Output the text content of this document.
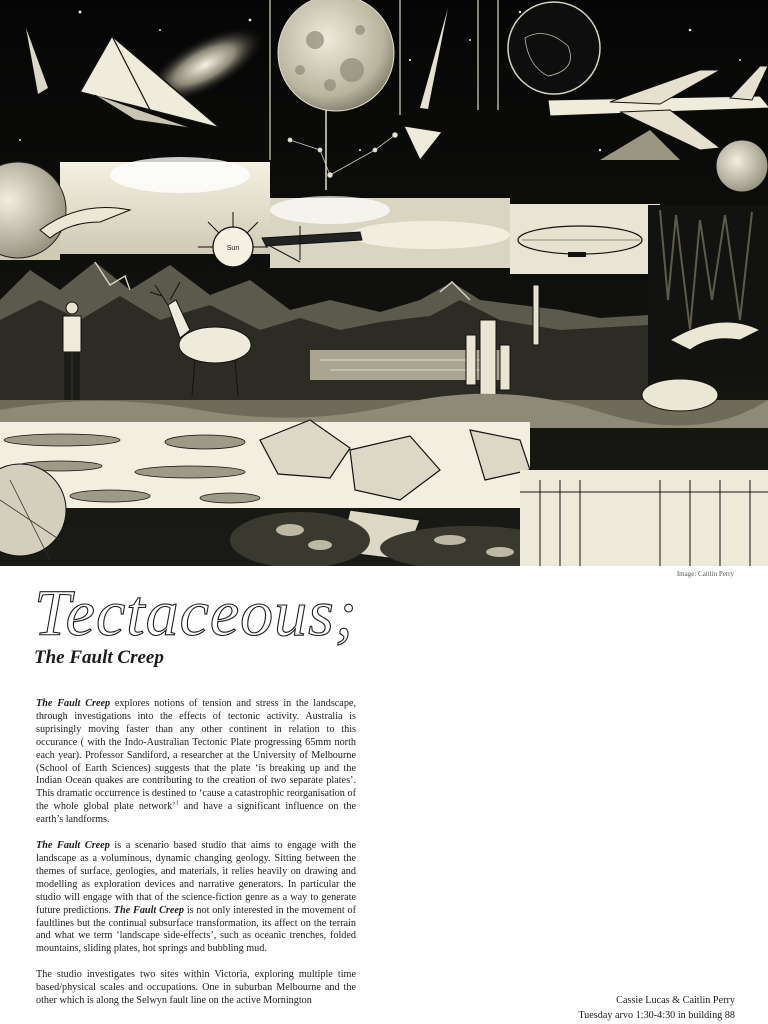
Sun
Image: Caitlin Perry
Tectaceous;
The Fault Creep

The Fault Creep explores notions of tension and stress in the landscape, through investigations into the effects of tectonic activity. Australia is suprisingly moving faster than any other continent in relation to this occurance ( with the Indo-Australian Tectonic Plate progressing 65mm north each year). Professor Sandiford, a researcher at the University of Melbourne (School of Earth Sciences) suggests that the plate ‘is breaking up and the Indian Ocean quakes are contributing to the creation of two separate plates’. This dramatic occurrence is destined to ‘cause a catastrophic reorganisation of the whole global plate network’$^1$ and have a significant influence on the earth’s landforms.

The Fault Creep is a scenario based studio that aims to engage with the landscape as a voluminous, dynamic changing geology. Sitting between the themes of surface, geologies, and materials, it relies heavily on drawing and modelling as exploration devices and narrative generators. In particular the studio will engage with that of the science-fiction genre as a way to generate future predictions. The Fault Creep is not only interested in the movement of faultlines but the continual subsurface transformation, its affect on the terrain and what we term ‘landscape side-effects’, such as oceanic trenches, folded mountains, sliding plates, hot springs and bubbling mud.

The studio investigates two sites within Victoria, exploring multiple time based/physical scales and occupations. One in suburban Melbourne and the other which is along the Selwyn fault line on the active Mornington	Cassie Lucas & Caitlin Perry
Tuesday arvo 1:30-4:30 in building 88
